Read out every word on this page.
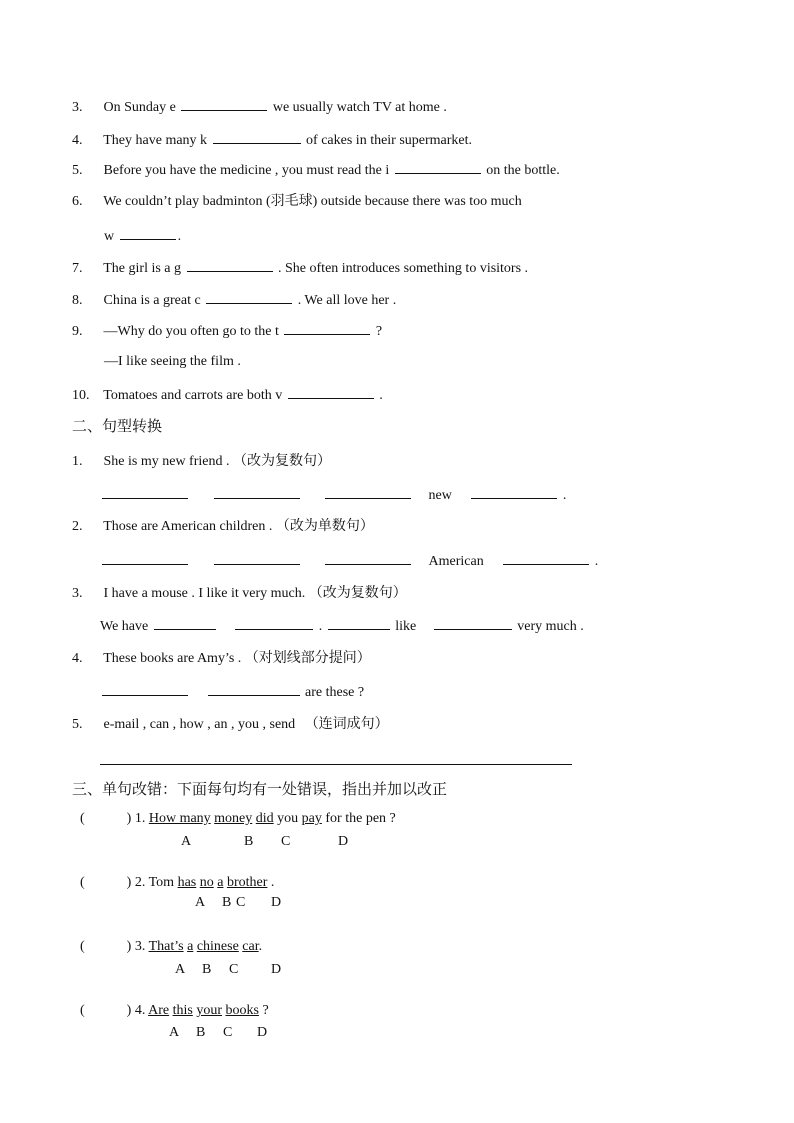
3. On Sunday e	we usually watch TV at home .
4. They have many k	of cakes in their supermarket.
5. Before you have the medicine , you must read the i	on the bottle.
6. We couldn’t play badminton (羽毛球) outside because there was too much
w	.
7. The girl is a g	. She often introduces something to visitors .
8. China is a great c	. We all love her .
9. —Why do you often go to the t	?
—I like seeing the film .
10. Tomatoes and carrots are both v	.
二、句型转换
1. She is my new friend . （改为复数句）
new	.
2. Those are American children . （改为单数句）
American	.
3. I have a mouse . I like it very much. （改为复数句）
We have	.	like	very much .
4. These books are Amy’s . （对划线部分提问）
are these ?
5. e-mail , can , how , an , you , send （连词成句）
三、单句改错：下面每句均有一处错误，指出并加以改正
(	) 1. How many money did you pay for the pen ?
A	B C	D
(	) 2. Tom has no a brother .
A B C D
(	) 3. That’s a chinese car.
A B C D
(	) 4. Are this your books ?
A B C D
